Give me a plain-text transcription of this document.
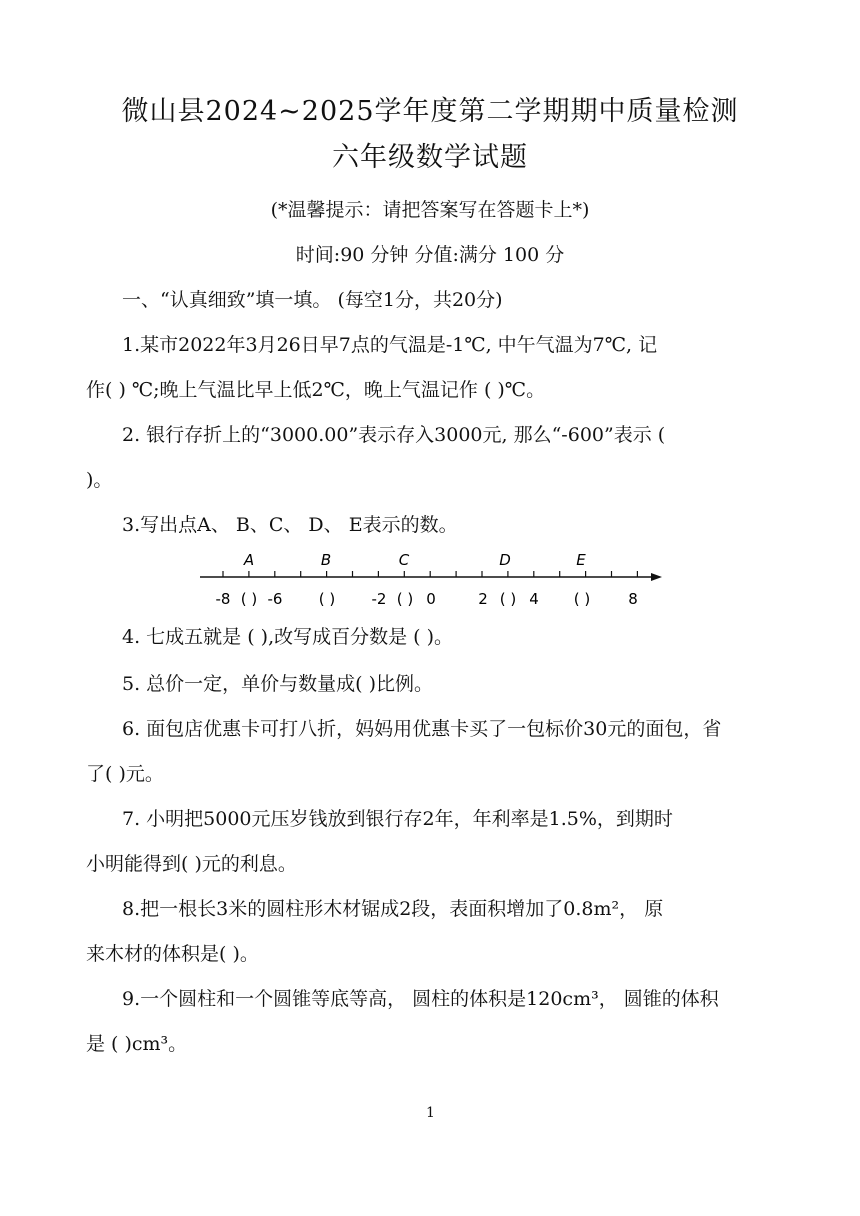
微山县2024~2025学年度第二学期期中质量检测
六年级数学试题
(*温馨提示：请把答案写在答题卡上*)
时间:90 分钟 分值:满分 100 分
一、“认真细致”填一填。 (每空1分，共20分)
1.某市2022年3月26日早7点的气温是-1℃, 中午气温为7℃, 记
作( ) ℃;晚上气温比早上低2℃，晚上气温记作 ( )℃。
2. 银行存折上的“3000.00”表示存入3000元, 那么“-600”表示 (
)。
3.写出点A、 B、C、 D、 E表示的数。
A	B	C	D	E
-8 ( ) -6 ( ) -2 ( ) 0	2 ( ) 4 ( )	8
4. 七成五就是 ( ),改写成百分数是 ( )。
5. 总价一定，单价与数量成( )比例。
6. 面包店优惠卡可打八折，妈妈用优惠卡买了一包标价30元的面包，省
了( )元。
7. 小明把5000元压岁钱放到银行存2年，年利率是1.5%，到期时
小明能得到( )元的利息。
8.把一根长3米的圆柱形木材锯成2段，表面积增加了0.8m²， 原
来木材的体积是( )。
9.一个圆柱和一个圆锥等底等高， 圆柱的体积是120cm³， 圆锥的体积
是 ( )cm³。
1
